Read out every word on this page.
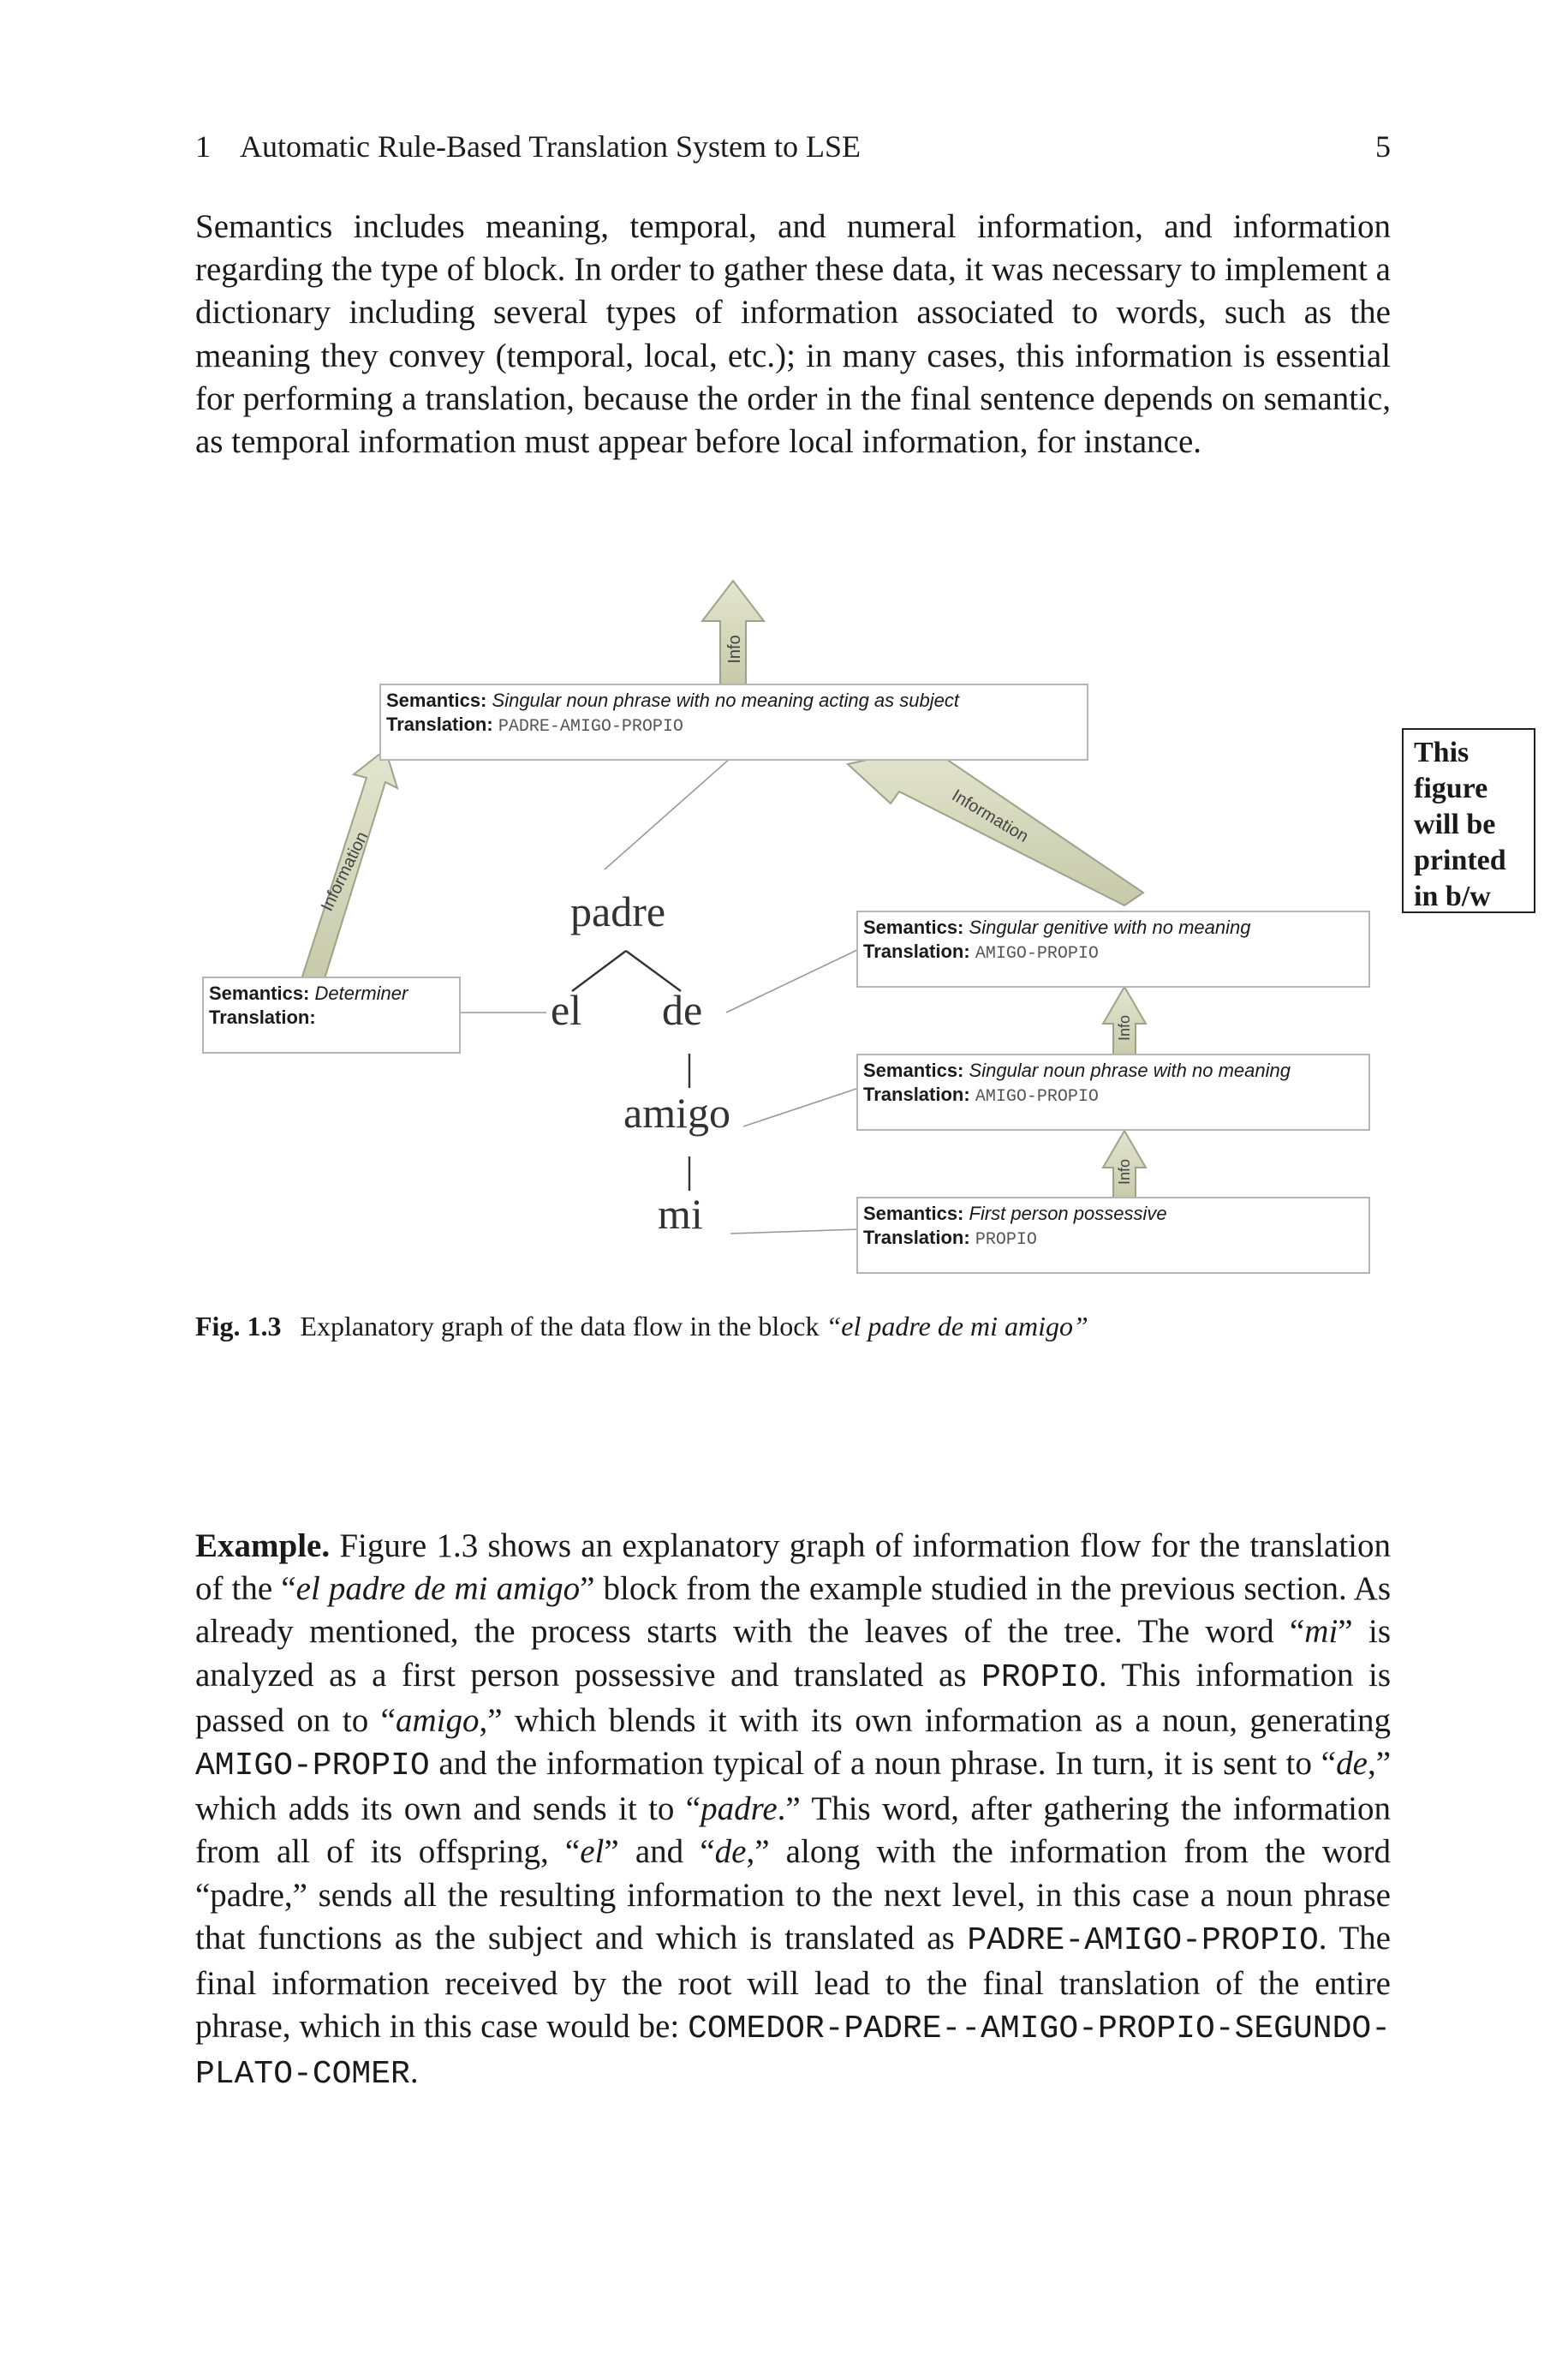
1 Automatic Rule-Based Translation System to LSE	5

Semantics includes meaning, temporal, and numeral information, and information regarding the type of block. In order to gather these data, it was necessary to implement a dictionary including several types of information associated to words, such as the meaning they convey (temporal, local, etc.); in many cases, this information is essential for performing a translation, because the order in the final sentence depends on semantic, as temporal information must appear before local information, for instance.

Info
Information
Information
Info
Info
Semantics: Singular noun phrase with no meaning acting as subject
Translation: PADRE-AMIGO-PROPIO
Semantics: Determiner
Translation:
Semantics: Singular genitive with no meaning
Translation: AMIGO-PROPIO
Semantics: Singular noun phrase with no meaning
Translation: AMIGO-PROPIO
Semantics: First person possessive
Translation: PROPIO
padre
el de
amigo
mi
This
figure
will be
printed
in b/w
Fig. 1.3 Explanatory graph of the data flow in the block “el padre de mi amigo”

Example. Figure 1.3 shows an explanatory graph of information flow for the translation of the “el padre de mi amigo” block from the example studied in the previous section. As already mentioned, the process starts with the leaves of the tree. The word “mi” is analyzed as a first person possessive and translated as PROPIO. This information is passed on to “amigo,” which blends it with its own information as a noun, generating AMIGO-PROPIO and the information typical of a noun phrase. In turn, it is sent to “de,” which adds its own and sends it to “padre.” This word, after gathering the information from all of its offspring, “el” and “de,” along with the information from the word “padre,” sends all the resulting information to the next level, in this case a noun phrase that functions as the subject and which is translated as PADRE-AMIGO-PROPIO. The final information received by the root will lead to the final translation of the entire phrase, which in this case would be: COMEDOR-PADRE--AMIGO-PROPIO-SEGUNDO-PLATO-COMER.
